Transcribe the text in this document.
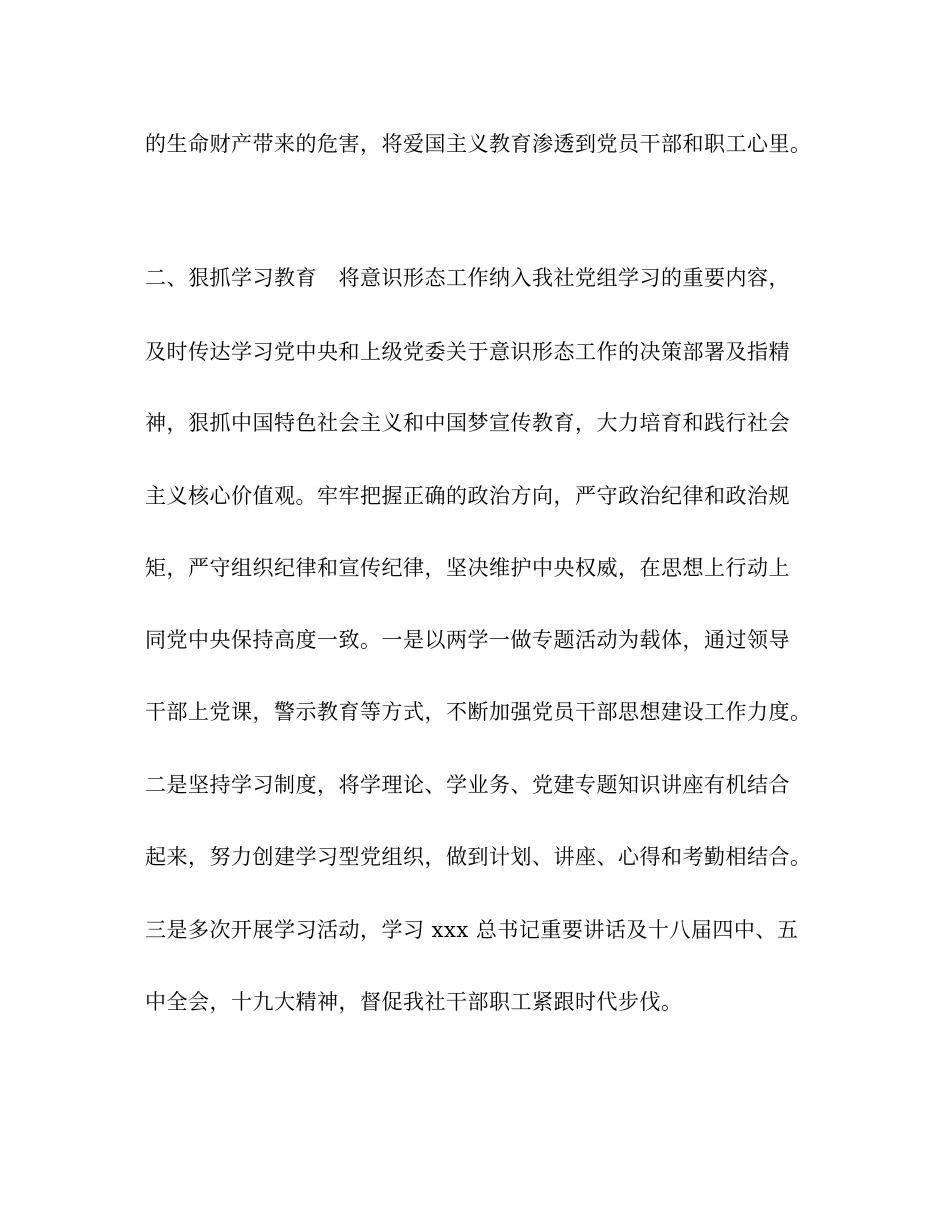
的生命财产带来的危害，将爱国主义教育渗透到党员干部和职工心里。
二、狠抓学习教育　将意识形态工作纳入我社党组学习的重要内容，
及时传达学习党中央和上级党委关于意识形态工作的决策部署及指精
神，狠抓中国特色社会主义和中国梦宣传教育，大力培育和践行社会
主义核心价值观。牢牢把握正确的政治方向，严守政治纪律和政治规
矩，严守组织纪律和宣传纪律，坚决维护中央权威，在思想上行动上
同党中央保持高度一致。一是以两学一做专题活动为载体，通过领导
干部上党课，警示教育等方式，不断加强党员干部思想建设工作力度。
二是坚持学习制度，将学理论、学业务、党建专题知识讲座有机结合
起来，努力创建学习型党组织，做到计划、讲座、心得和考勤相结合。
三是多次开展学习活动，学习 xxx 总书记重要讲话及十八届四中、五
中全会，十九大精神，督促我社干部职工紧跟时代步伐。
